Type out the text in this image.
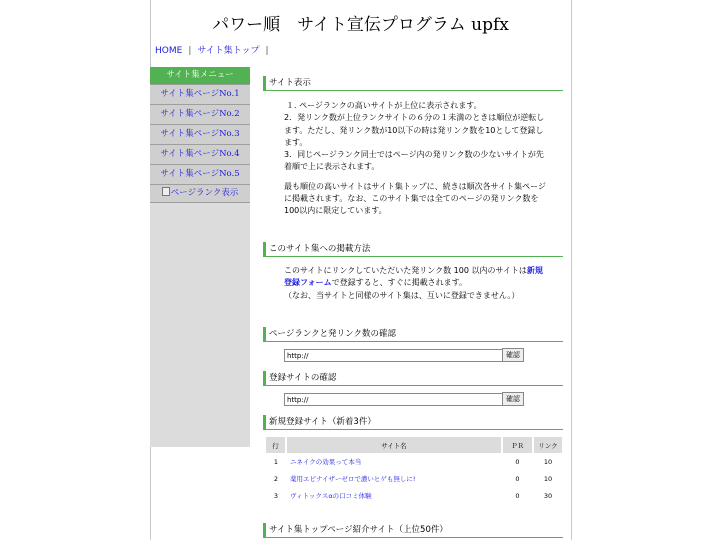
パワー順　サイト宣伝プログラム upfx
HOME | サイト集トップ |
サイト集メニュー
サイト集ページNo.1
サイト集ページNo.2
サイト集ページNo.3
サイト集ページNo.4
サイト集ページNo.5
ページランク表示
サイト表示

１. ページランクの高いサイトが上位に表示されます。

2．発リンク数が上位ランクサイトの６分の１未満のときは順位が逆転します。ただし、発リンク数が10以下の時は発リンク数を10として登録します。

3．同じページランク同士ではページ内の発リンク数の少ないサイトが先着順で上に表示されます。

最も順位の高いサイトはサイト集トップに、続きは順次各サイト集ページに掲載されます。なお、このサイト集では全てのページの発リンク数を100以内に限定しています。

このサイト集への掲載方法

このサイトにリンクしていただいた発リンク数 100 以内のサイトは新規登録フォームで登録すると、すぐに掲載されます。

（なお、当サイトと同様のサイト集は、互いに登録できません。）

ページランクと発リンク数の確認
http://
確認
登録サイトの確認
http://
確認
新規登録サイト（新着3件）
行	サイト名	ＰＲ	リンク
1	ニネイクの効果って本当	0	10
2	薬用エピナイザーゼロで濃いヒゲも無しに!	0	10
3	ヴィトックスαの口コミ体験	0	30
サイト集トップページ紹介サイト（上位50件）
